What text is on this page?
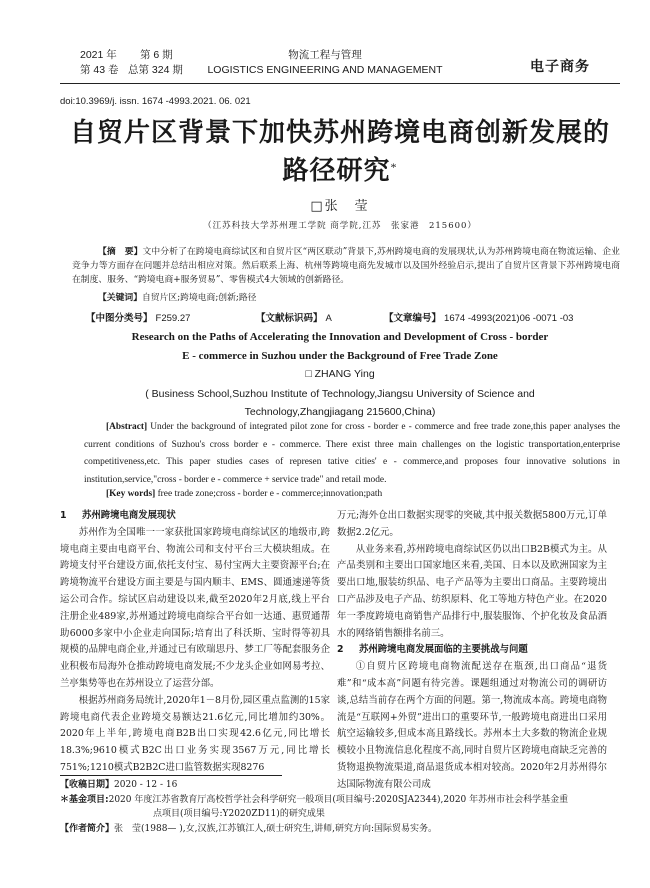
2021 年 第 6 期
第 43 卷 总第 324 期
物流工程与管理
LOGISTICS ENGINEERING AND MANAGEMENT	电子商务
doi:10.3969/j. issn. 1674 -4993.2021. 06. 021
自贸片区背景下加快苏州跨境电商创新发展的
路径研究*
□张　莹
（江苏科技大学苏州理工学院 商学院,江苏　张家港　215600）
【摘　要】文中分析了在跨境电商综试区和自贸片区“两区联动”背景下,苏州跨境电商的发展现状,认为苏州跨境电商在物流运输、企业竞争力等方面存在问题并总结出相应对策。然后联系上海、杭州等跨境电商先发城市以及国外经验启示,提出了自贸片区背景下苏州跨境电商在制度、服务、“跨境电商+服务贸易”、零售模式4大领域的创新路径。
【关键词】自贸片区;跨境电商;创新;路径
【中图分类号】 F259.27	【文献标识码】 A	【文章编号】 1674 -4993(2021)06 -0071 -03
Research on the Paths of Accelerating the Innovation and Development of Cross - border
E - commerce in Suzhou under the Background of Free Trade Zone
□ ZHANG Ying
( Business School,Suzhou Institute of Technology,Jiangsu University of Science and
Technology,Zhangjiagang 215600,China)
[Abstract] Under the background of integrated pilot zone for cross - border e - commerce and free trade zone,this paper analyses the current conditions of Suzhou's cross border e - commerce. There exist three main challenges on the logistic transportation,enterprise competitiveness,etc. This paper studies cases of represen tative cities' e - commerce,and proposes four innovative solutions in institution,service,"cross - border e - commerce + service trade" and retail mode.
[Key words] free trade zone;cross - border e - commerce;innovation;path

1 苏州跨境电商发展现状

苏州作为全国唯一一家获批国家跨境电商综试区的地级市,跨境电商主要由电商平台、物流公司和支付平台三大模块组成。在跨境支付平台建设方面,依托支付宝、易付宝两大主要资源平台;在跨境物流平台建设方面主要是与国内顺丰、EMS、圆通速递等货运公司合作。综试区启动建设以来,截至2020年2月底,线上平台注册企业489家,苏州通过跨境电商综合平台如一达通、惠贸通帮助6000多家中小企业走向国际;培育出了科沃斯、宝时得等初具规模的品牌电商企业,并通过已有欧瑞思丹、梦工厂等配套服务企业积极布局海外仓推动跨境电商发展;不少龙头企业如网易考拉、兰亭集势等也在苏州设立了运营分部。

根据苏州商务局统计,2020年1－8月份,园区重点监测的15家跨境电商代表企业跨境交易额达21.6亿元,同比增加约30%。2020年上半年,跨境电商B2B出口实现42.6亿元,同比增长18.3%;9610模式B2C出口业务实现3567万元,同比增长751%;1210模式B2B2C进口监管数据实现8276

万元;海外仓出口数据实现零的突破,其中报关数据5800万元,订单数据2.2亿元。

从业务来看,苏州跨境电商综试区仍以出口B2B模式为主。从产品类别和主要出口国家地区来看,美国、日本以及欧洲国家为主要出口地,服装纺织品、电子产品等为主要出口商品。主要跨境出口产品涉及电子产品、纺织原料、化工等地方特色产业。在2020年一季度跨境电商销售产品排行中,服装服饰、个护化妆及食品酒水的网络销售额排名前三。

2 苏州跨境电商发展面临的主要挑战与问题

①自贸片区跨境电商物流配送存在瓶颈,出口商品“退货难”和“成本高”问题有待完善。课题组通过对物流公司的调研访谈,总结当前存在两个方面的问题。第一,物流成本高。跨境电商物流是“互联网+外贸”进出口的重要环节,一般跨境电商进出口采用航空运输较多,但成本高且路线长。苏州本土大多数的物流企业规模较小且物流信息化程度不高,同时自贸片区跨境电商缺乏完善的货物退换物流渠道,商品退货成本相对较高。2020年2月苏州得尔达国际物流有限公司成

【收稿日期】2020 - 12 - 16
＊基金项目:2020 年度江苏省教育厅高校哲学社会科学研究一般项目(项目编号:2020SJA2344),2020 年苏州市社会科学基金重
点项目(项目编号:Y2020ZD11)的研究成果
【作者简介】张　莹(1988— ),女,汉族,江苏镇江人,硕士研究生,讲师,研究方向:国际贸易实务。
